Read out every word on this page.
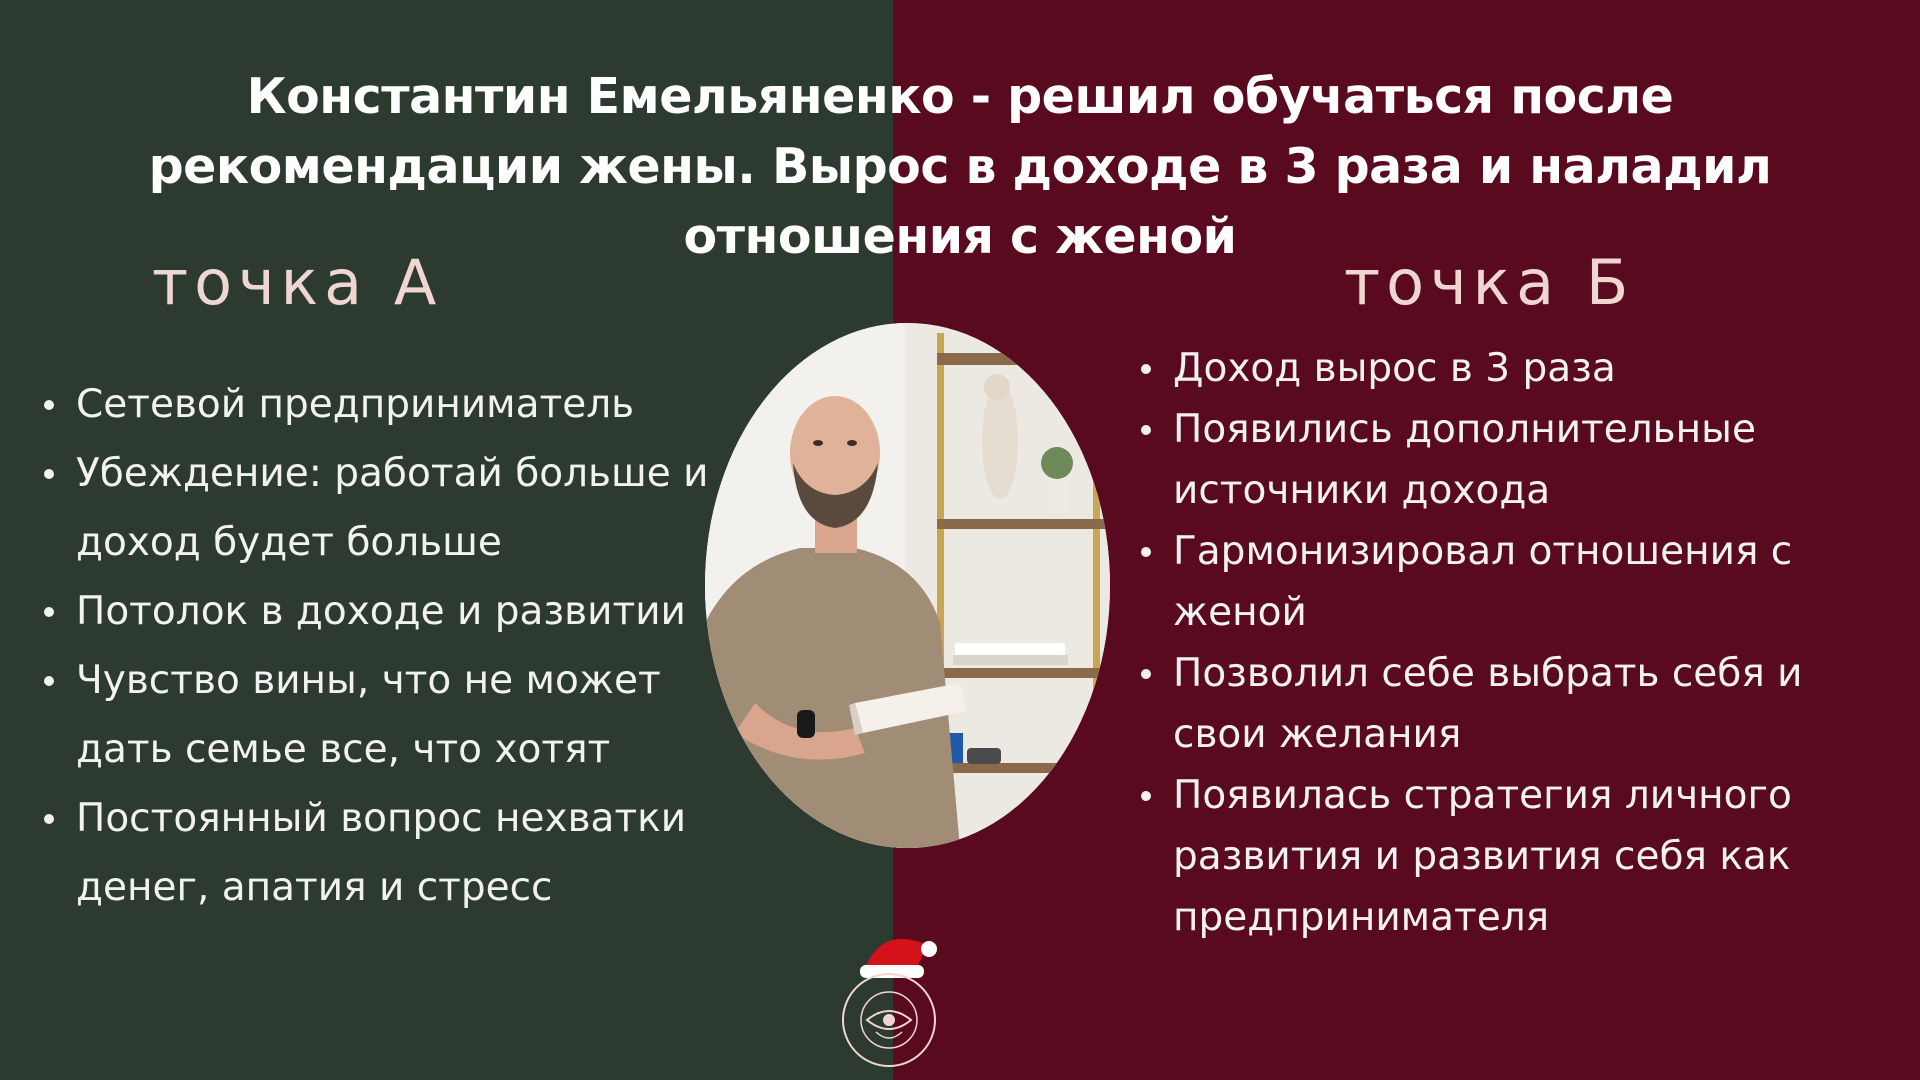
Константин Емельяненко - решил обучаться после
рекомендации жены. Вырос в доходе в 3 раза и наладил
отношения с женой
точка А	точка Б
Сетевой предприниматель
Убеждение: работай больше и доход будет больше
Потолок в доходе и развитии
Чувство вины, что не может дать семье все, что хотят
Постоянный вопрос нехватки денег, апатия и стресс
Доход вырос в 3 раза
Появились дополнительные источники дохода
Гармонизировал отношения с женой
Позволил себе выбрать себя и свои желания
Появилась стратегия личного развития и развития себя как предпринимателя
